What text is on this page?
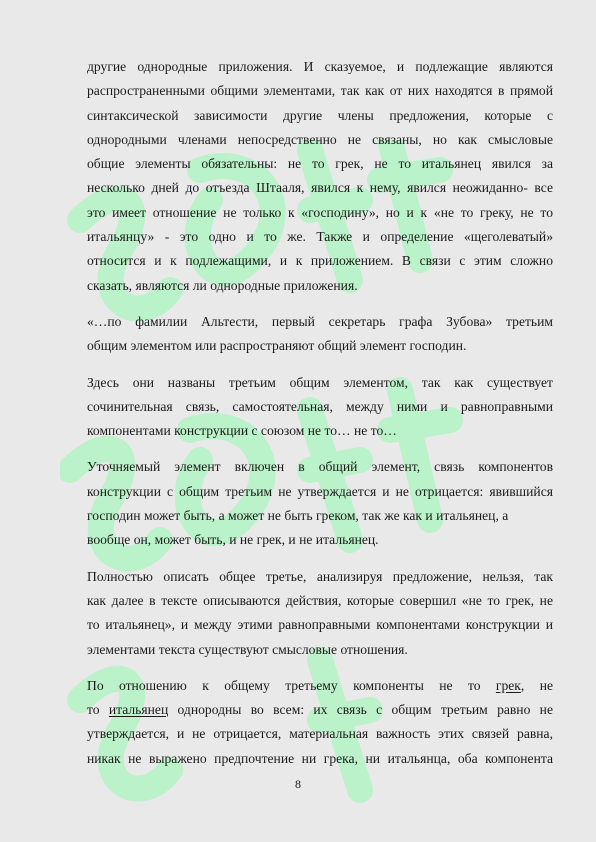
другие однородные приложения. И сказуемое, и подлежащие являются
распространенными общими элементами, так как от них находятся в прямой
синтаксической зависимости другие члены предложения, которые с
однородными членами непосредственно не связаны, но как смысловые
общие элементы обязательны: не то грек, не то итальянец явился за
несколько дней до отъезда Штааля, явился к нему, явился неожиданно- все
это имеет отношение не только к «господину», но и к «не то греку, не то
итальянцу» - это одно и то же. Также и определение «щеголеватый»
относится и к подлежащими, и к приложением. В связи с этим сложно
сказать, являются ли однородные приложения.
«…по фамилии Альтести, первый секретарь графа Зубова» третьим
общим элементом или распространяют общий элемент господин.
Здесь они названы третьим общим элементом, так как существует
сочинительная связь, самостоятельная, между ними и равноправными
компонентами конструкции с союзом не то… не то…
Уточняемый элемент включен в общий элемент, связь компонентов
конструкции с общим третьим не утверждается и не отрицается: явившийся
господин может быть, а может не быть греком, так же как и итальянец, а
вообще он, может быть, и не грек, и не итальянец.
Полностью описать общее третье, анализируя предложение, нельзя, так
как далее в тексте описываются действия, которые совершил «не то грек, не
то итальянец», и между этими равноправными компонентами конструкции и
элементами текста существуют смысловые отношения.
По отношению к общему третьему компоненты не то грек, не
то итальянец однородны во всем: их связь с общим третьим равно не
утверждается, и не отрицается, материальная важность этих связей равна,
никак не выражено предпочтение ни грека, ни итальянца, оба компонента
8
